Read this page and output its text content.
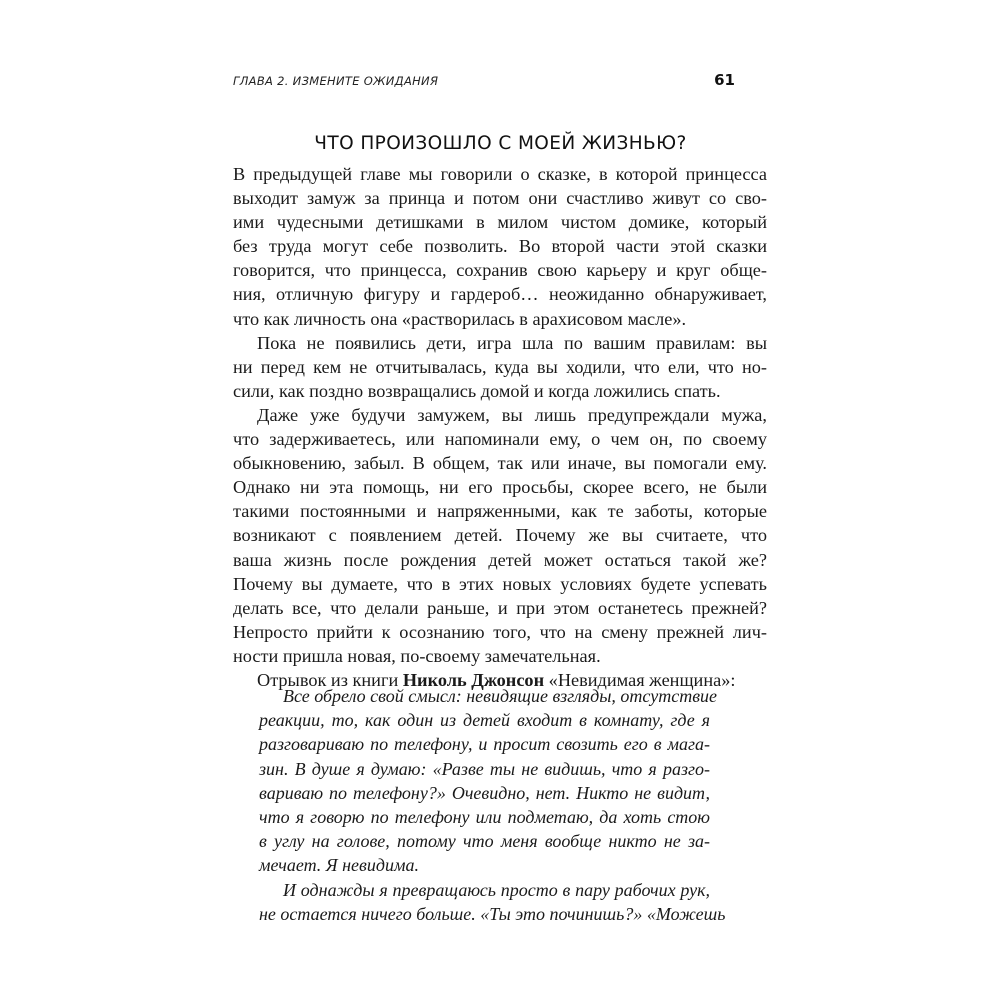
ГЛАВА 2. ИЗМЕНИТЕ ОЖИДАНИЯ	61
ЧТО ПРОИЗОШЛО С МОЕЙ ЖИЗНЬЮ?
В предыдущей главе мы говорили о сказке, в которой принцесса
выходит замуж за принца и потом они счастливо живут со сво-
ими чудесными детишками в милом чистом домике, который
без труда могут себе позволить. Во второй части этой сказки
говорится, что принцесса, сохранив свою карьеру и круг обще-
ния, отличную фигуру и гардероб… неожиданно обнаруживает,
что как личность она «растворилась в арахисовом масле».
Пока не появились дети, игра шла по вашим правилам: вы
ни перед кем не отчитывалась, куда вы ходили, что ели, что но-
сили, как поздно возвращались домой и когда ложились спать.
Даже уже будучи замужем, вы лишь предупреждали мужа,
что задерживаетесь, или напоминали ему, о чем он, по своему
обыкновению, забыл. В общем, так или иначе, вы помогали ему.
Однако ни эта помощь, ни его просьбы, скорее всего, не были
такими постоянными и напряженными, как те заботы, которые
возникают с появлением детей. Почему же вы считаете, что
ваша жизнь после рождения детей может остаться такой же?
Почему вы думаете, что в этих новых условиях будете успевать
делать все, что делали раньше, и при этом останетесь прежней?
Непросто прийти к осознанию того, что на смену прежней лич-
ности пришла новая, по-своему замечательная.
Отрывок из книги Николь Джонсон «Невидимая женщина»:
Все обрело свой смысл: невидящие взгляды, отсутствие
реакции, то, как один из детей входит в комнату, где я
разговариваю по телефону, и просит свозить его в мага-
зин. В душе я думаю: «Разве ты не видишь, что я разго-
вариваю по телефону?» Очевидно, нет. Никто не видит,
что я говорю по телефону или подметаю, да хоть стою
в углу на голове, потому что меня вообще никто не за-
мечает. Я невидима.
И однажды я превращаюсь просто в пару рабочих рук,
не остается ничего больше. «Ты это починишь?» «Можешь
